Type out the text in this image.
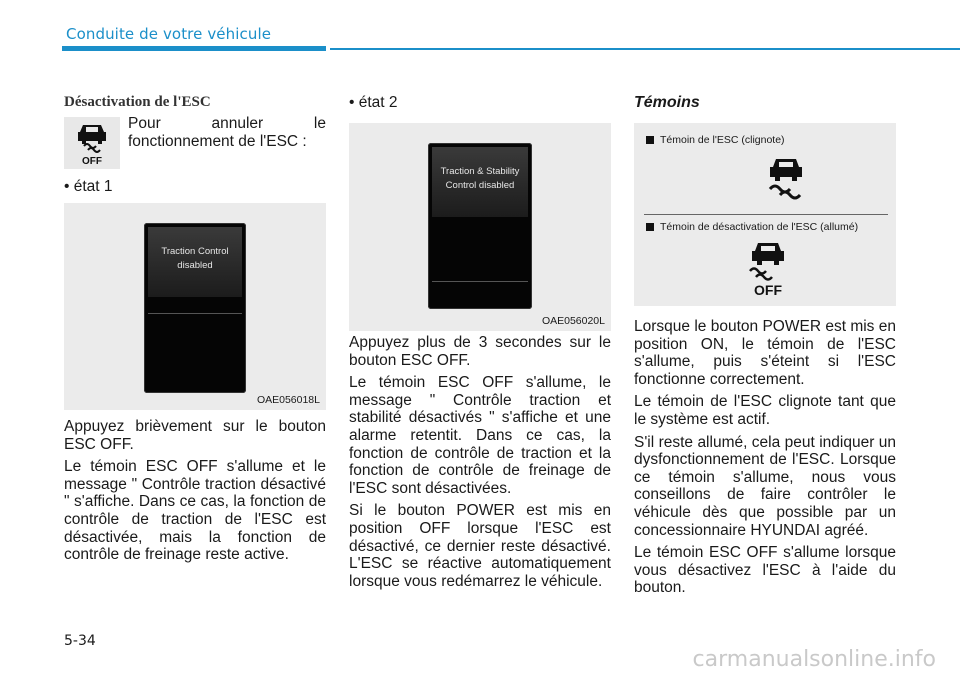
Conduite de votre véhicule
Désactivation de l'ESC
OFF

Pour annuler le fonctionnement de l'ESC :

• état 1
Traction Control
disabled
OAE056018L

Appuyez brièvement sur le bouton ESC OFF.

Le témoin ESC OFF s'allume et le message " Contrôle traction désactivé " s'affiche. Dans ce cas, la fonction de contrôle de traction de l'ESC est désactivée, mais la fonction de contrôle de freinage reste active.

• état 2
Traction & Stability
Control disabled
OAE056020L

Appuyez plus de 3 secondes sur le bouton ESC OFF.

Le témoin ESC OFF s'allume, le message " Contrôle traction et stabilité désactivés " s'affiche et une alarme retentit. Dans ce cas, la fonction de contrôle de traction et la fonction de contrôle de freinage de l'ESC sont désactivées.

Si le bouton POWER est mis en position OFF lorsque l'ESC est désactivé, ce dernier reste désactivé. L'ESC se réactive automatiquement lorsque vous redémarrez le véhicule.

Témoins
Témoin de l'ESC (clignote)
Témoin de désactivation de l'ESC (allumé)
OFF

Lorsque le bouton POWER est mis en position ON, le témoin de l'ESC s'allume, puis s'éteint si l'ESC fonctionne correctement.

Le témoin de l'ESC clignote tant que le système est actif.

S'il reste allumé, cela peut indiquer un dysfonctionnement de l'ESC. Lorsque ce témoin s'allume, nous vous conseillons de faire contrôler le véhicule dès que possible par un concessionnaire HYUNDAI agréé.

Le témoin ESC OFF s'allume lorsque vous désactivez l'ESC à l'aide du bouton.

5-34
carmanualsonline.info
